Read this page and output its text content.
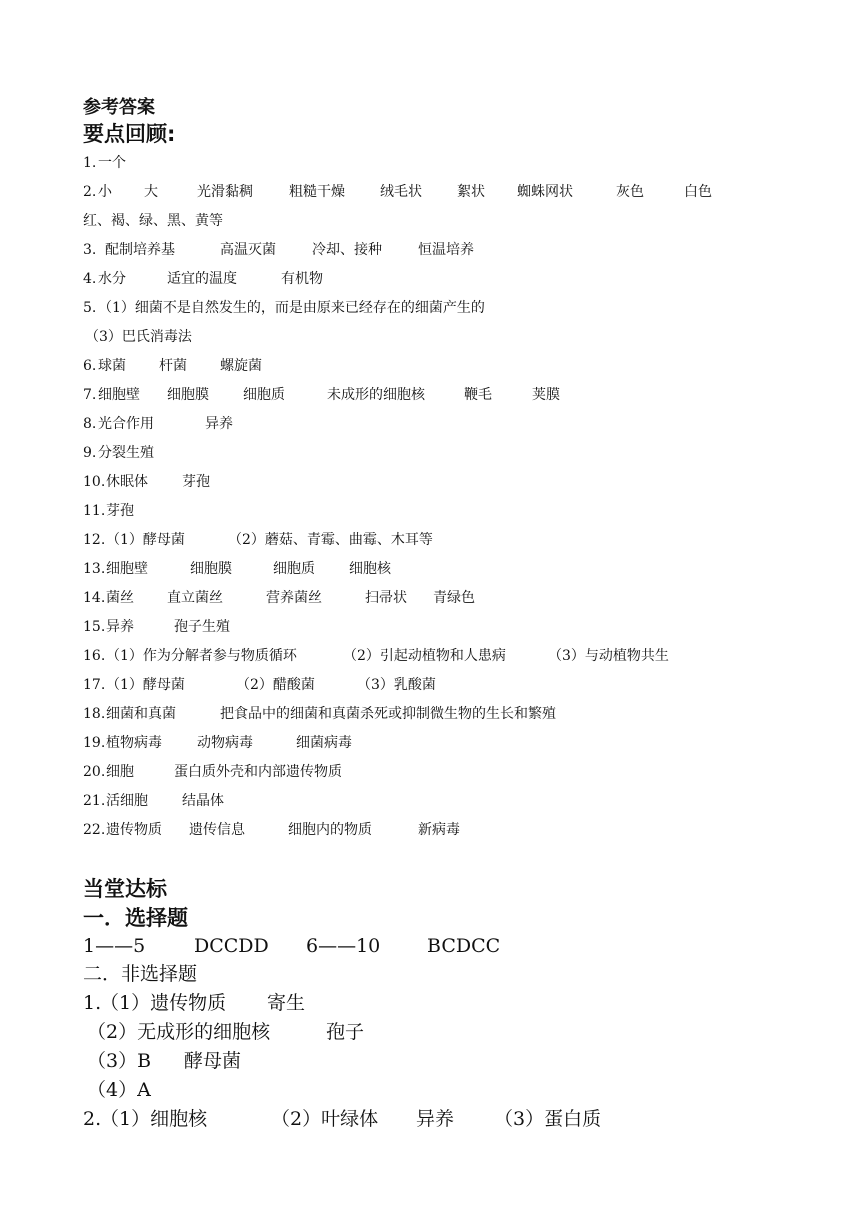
参考答案
要点回顾:
1. 一个
2. 小 大	光滑黏稠	粗糙干燥	绒毛状	絮状 蜘蛛网状	灰色	白色
红、褐、绿、黑、黄等
3. 配制培养基	高温灭菌	冷却、接种	恒温培养
4. 水分	适宜的温度	有机物
5. （1）细菌不是自然发生的，而是由原来已经存在的细菌产生的
（3）巴氏消毒法
6. 球菌 杆菌 螺旋菌
7. 细胞壁 细胞膜 细胞质	未成形的细胞核	鞭毛	荚膜
8. 光合作用	异养
9. 分裂生殖
10. 休眠体 芽孢
11. 芽孢
12. （1）酵母菌	（2）蘑菇、青霉、曲霉、木耳等
13. 细胞壁	细胞膜	细胞质 细胞核
14. 菌丝 直立菌丝	营养菌丝	扫帚状 青绿色
15. 异养	孢子生殖
16. （1）作为分解者参与物质循环	（2）引起动植物和人患病	（3）与动植物共生
17. （1）酵母菌	（2）醋酸菌	（3）乳酸菌
18. 细菌和真菌	把食品中的细菌和真菌杀死或抑制微生物的生长和繁殖
19. 植物病毒	动物病毒	细菌病毒
20. 细胞	蛋白质外壳和内部遗传物质
21. 活细胞 结晶体
22. 遗传物质 遗传信息	细胞内的物质	新病毒
当堂达标
一．选择题
1——5	DCCDD 6——10 BCDCC
二．非选择题
1.
（1）遗传物质 寄生
（2）无成形的细胞核	孢子
（3）B 酵母菌
（4）A
2.
（1）细胞核	（2）叶绿体 异养 （3）蛋白质
